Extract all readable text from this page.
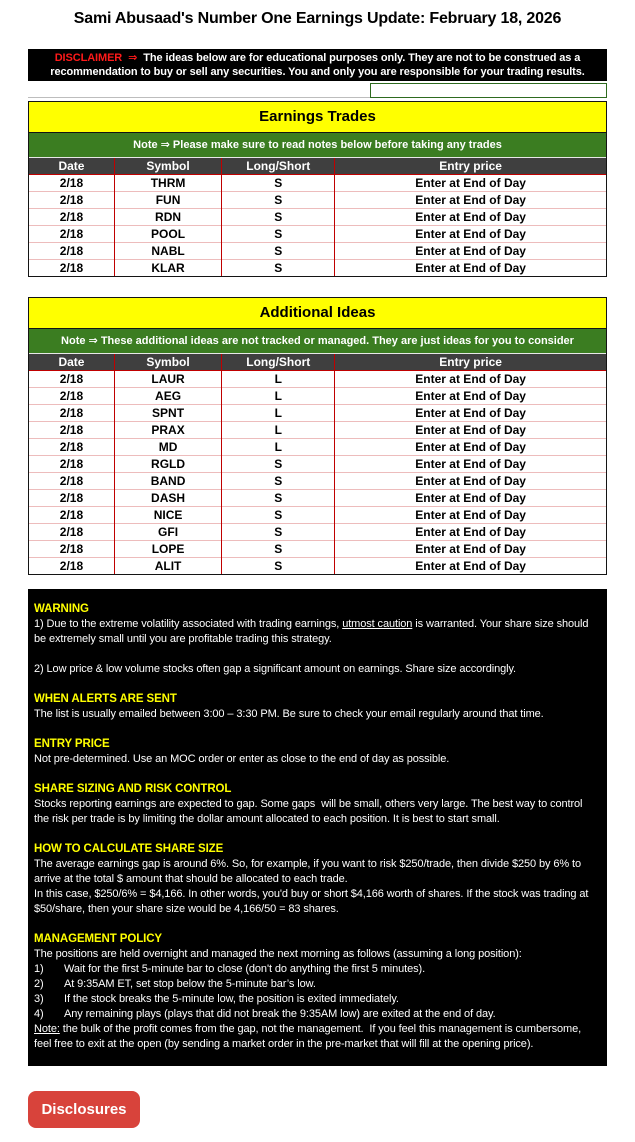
Sami Abusaad's Number One Earnings Update: February 18, 2026
DISCLAIMER ⇒ The ideas below are for educational purposes only. They are not to be construed as a recommendation to buy or sell any securities. You and only you are responsible for your trading results.
Earnings Trades
Note ⇒ Please make sure to read notes below before taking any trades
Date	Symbol	Long/Short	Entry price
2/18	THRM	S	Enter at End of Day
2/18	FUN	S	Enter at End of Day
2/18	RDN	S	Enter at End of Day
2/18	POOL	S	Enter at End of Day
2/18	NABL	S	Enter at End of Day
2/18	KLAR	S	Enter at End of Day
Additional Ideas
Note ⇒ These additional ideas are not tracked or managed. They are just ideas for you to consider
Date	Symbol	Long/Short	Entry price
2/18	LAUR	L	Enter at End of Day
2/18	AEG	L	Enter at End of Day
2/18	SPNT	L	Enter at End of Day
2/18	PRAX	L	Enter at End of Day
2/18	MD	L	Enter at End of Day
2/18	RGLD	S	Enter at End of Day
2/18	BAND	S	Enter at End of Day
2/18	DASH	S	Enter at End of Day
2/18	NICE	S	Enter at End of Day
2/18	GFI	S	Enter at End of Day
2/18	LOPE	S	Enter at End of Day
2/18	ALIT	S	Enter at End of Day
WARNING
1) Due to the extreme volatility associated with trading earnings, utmost caution is warranted. Your share size should be extremely small until you are profitable trading this strategy.
2) Low price & low volume stocks often gap a significant amount on earnings. Share size accordingly.
WHEN ALERTS ARE SENT
The list is usually emailed between 3:00 – 3:30 PM. Be sure to check your email regularly around that time.
ENTRY PRICE
Not pre-determined. Use an MOC order or enter as close to the end of day as possible.
SHARE SIZING AND RISK CONTROL
Stocks reporting earnings are expected to gap. Some gaps  will be small, others very large. The best way to control the risk per trade is by limiting the dollar amount allocated to each position. It is best to start small.
HOW TO CALCULATE SHARE SIZE
The average earnings gap is around 6%. So, for example, if you want to risk $250/trade, then divide $250 by 6% to arrive at the total $ amount that should be allocated to each trade.
In this case, $250/6% = $4,166. In other words, you'd buy or short $4,166 worth of shares. If the stock was trading at $50/share, then your share size would be 4,166/50 = 83 shares.
MANAGEMENT POLICY
The positions are held overnight and managed the next morning as follows (assuming a long position):
1)	Wait for the first 5-minute bar to close (don't do anything the first 5 minutes).
2)	At 9:35AM ET, set stop below the 5-minute bar’s low.
3)	If the stock breaks the 5-minute low, the position is exited immediately.
4)	Any remaining plays (plays that did not break the 9:35AM low) are exited at the end of day.
Note: the bulk of the profit comes from the gap, not the management.  If you feel this management is cumbersome, feel free to exit at the open (by sending a market order in the pre-market that will fill at the opening price).
Disclosures
